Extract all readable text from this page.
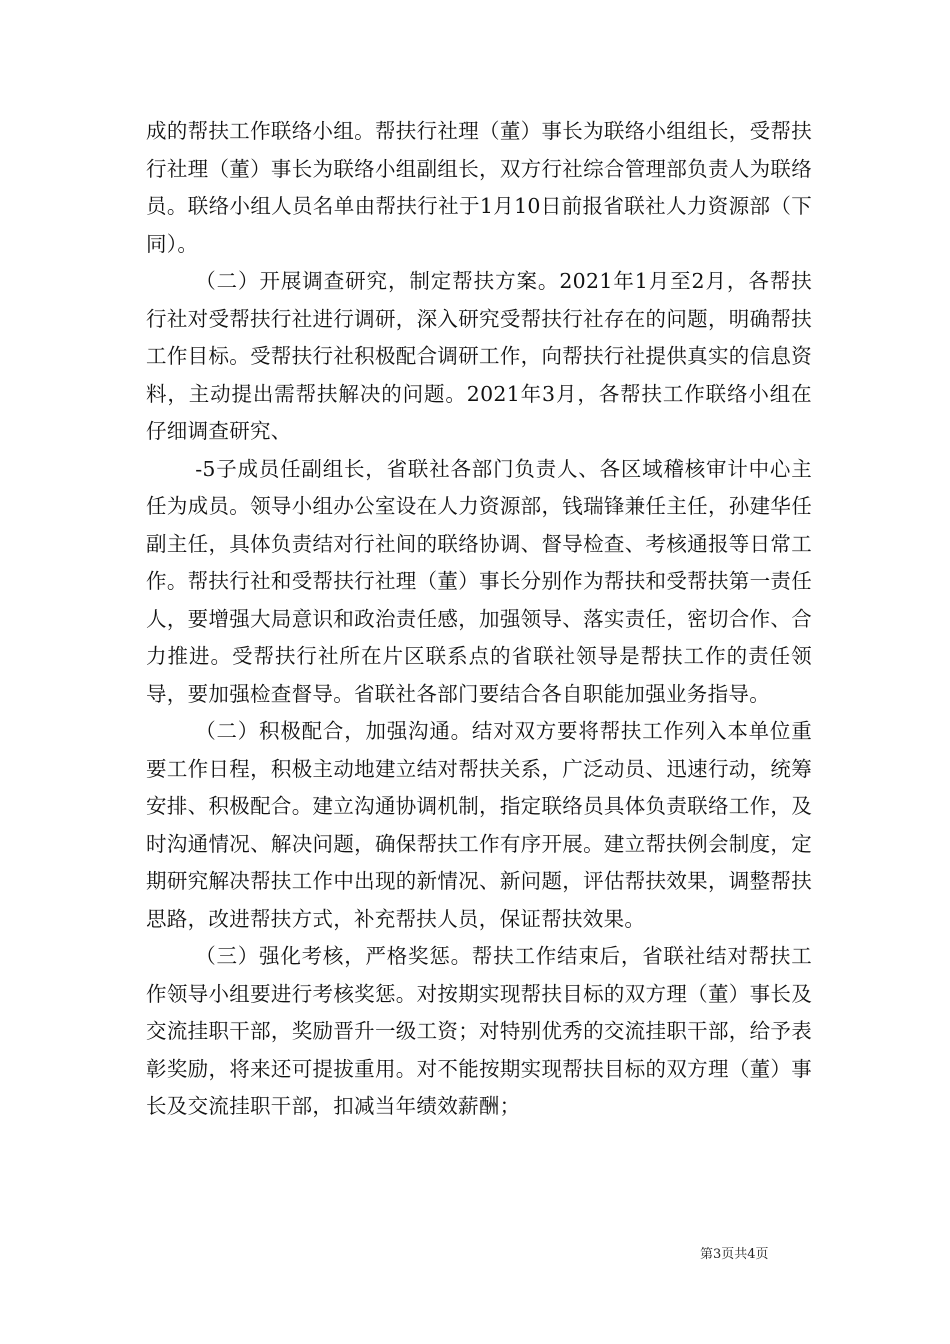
成的帮扶工作联络小组。帮扶行社理（董）事长为联络小组组长，受帮扶行社理（董）事长为联络小组副组长，双方行社综合管理部负责人为联络员。联络小组人员名单由帮扶行社于1月10日前报省联社人力资源部（下同）。

（二）开展调查研究，制定帮扶方案。2021年1月至2月，各帮扶行社对受帮扶行社进行调研，深入研究受帮扶行社存在的问题，明确帮扶工作目标。受帮扶行社积极配合调研工作，向帮扶行社提供真实的信息资料，主动提出需帮扶解决的问题。2021年3月，各帮扶工作联络小组在仔细调查研究、

-5子成员任副组长，省联社各部门负责人、各区域稽核审计中心主任为成员。领导小组办公室设在人力资源部，钱瑞锋兼任主任，孙建华任副主任，具体负责结对行社间的联络协调、督导检查、考核通报等日常工作。帮扶行社和受帮扶行社理（董）事长分别作为帮扶和受帮扶第一责任人，要增强大局意识和政治责任感，加强领导、落实责任，密切合作、合力推进。受帮扶行社所在片区联系点的省联社领导是帮扶工作的责任领导，要加强检查督导。省联社各部门要结合各自职能加强业务指导。

（二）积极配合，加强沟通。结对双方要将帮扶工作列入本单位重要工作日程，积极主动地建立结对帮扶关系，广泛动员、迅速行动，统筹安排、积极配合。建立沟通协调机制，指定联络员具体负责联络工作，及时沟通情况、解决问题，确保帮扶工作有序开展。建立帮扶例会制度，定期研究解决帮扶工作中出现的新情况、新问题，评估帮扶效果，调整帮扶思路，改进帮扶方式，补充帮扶人员，保证帮扶效果。

（三）强化考核，严格奖惩。帮扶工作结束后，省联社结对帮扶工作领导小组要进行考核奖惩。对按期实现帮扶目标的双方理（董）事长及交流挂职干部，奖励晋升一级工资；对特别优秀的交流挂职干部，给予表彰奖励，将来还可提拔重用。对不能按期实现帮扶目标的双方理（董）事长及交流挂职干部，扣减当年绩效薪酬；

第3页共4页
